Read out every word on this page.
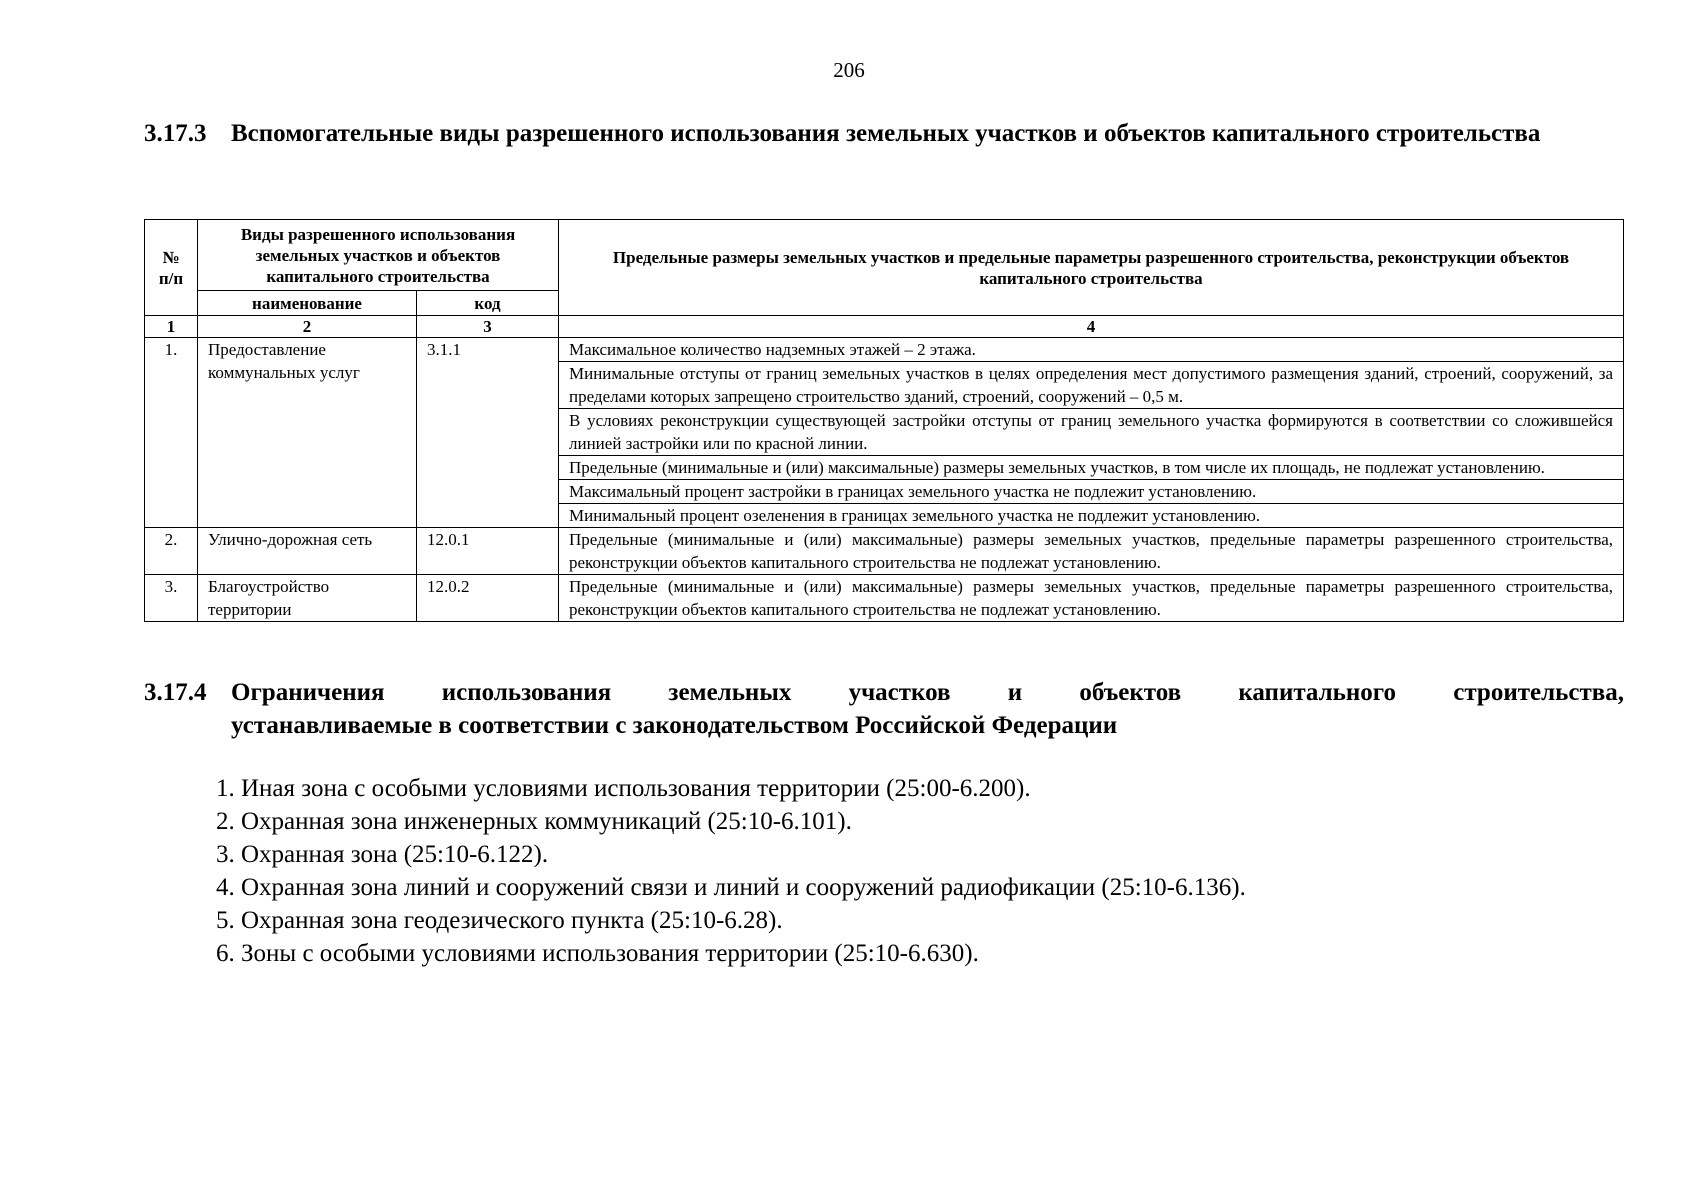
206
3.17.3 Вспомогательные виды разрешенного использования земельных участков и объектов капитального строительства
№ п/п	Виды разрешенного использования земельных участков и объектов капитального строительства		Предельные размеры земельных участков и предельные параметры разрешенного строительства, реконструкции объектов капитального строительства
	наименование	код	
1	2	3	4
1.	Предоставление коммунальных услуг	3.1.1	Максимальное количество надземных этажей – 2 этажа.
			Минимальные отступы от границ земельных участков в целях определения мест допустимого размещения зданий, строений, сооружений, за пределами которых запрещено строительство зданий, строений, сооружений – 0,5 м.
			В условиях реконструкции существующей застройки отступы от границ земельного участка формируются в соответствии со сложившейся линией застройки или по красной линии.
			Предельные (минимальные и (или) максимальные) размеры земельных участков, в том числе их площадь, не подлежат установлению.
			Максимальный процент застройки в границах земельного участка не подлежит установлению.
			Минимальный процент озеленения в границах земельного участка не подлежит установлению.
2.	Улично-дорожная сеть	12.0.1	Предельные (минимальные и (или) максимальные) размеры земельных участков, предельные параметры разрешенного строительства, реконструкции объектов капитального строительства не подлежат установлению.
3.	Благоустройство территории	12.0.2	Предельные (минимальные и (или) максимальные) размеры земельных участков, предельные параметры разрешенного строительства, реконструкции объектов капитального строительства не подлежат установлению.
3.17.4 Ограничения использования земельных участков и объектов капитального строительства,
устанавливаемые в соответствии с законодательством Российской Федерации
1. Иная зона с особыми условиями использования территории (25:00-6.200).
2. Охранная зона инженерных коммуникаций (25:10-6.101).
3. Охранная зона (25:10-6.122).
4. Охранная зона линий и сооружений связи и линий и сооружений радиофикации (25:10-6.136).
5. Охранная зона геодезического пункта (25:10-6.28).
6. Зоны с особыми условиями использования территории (25:10-6.630).
